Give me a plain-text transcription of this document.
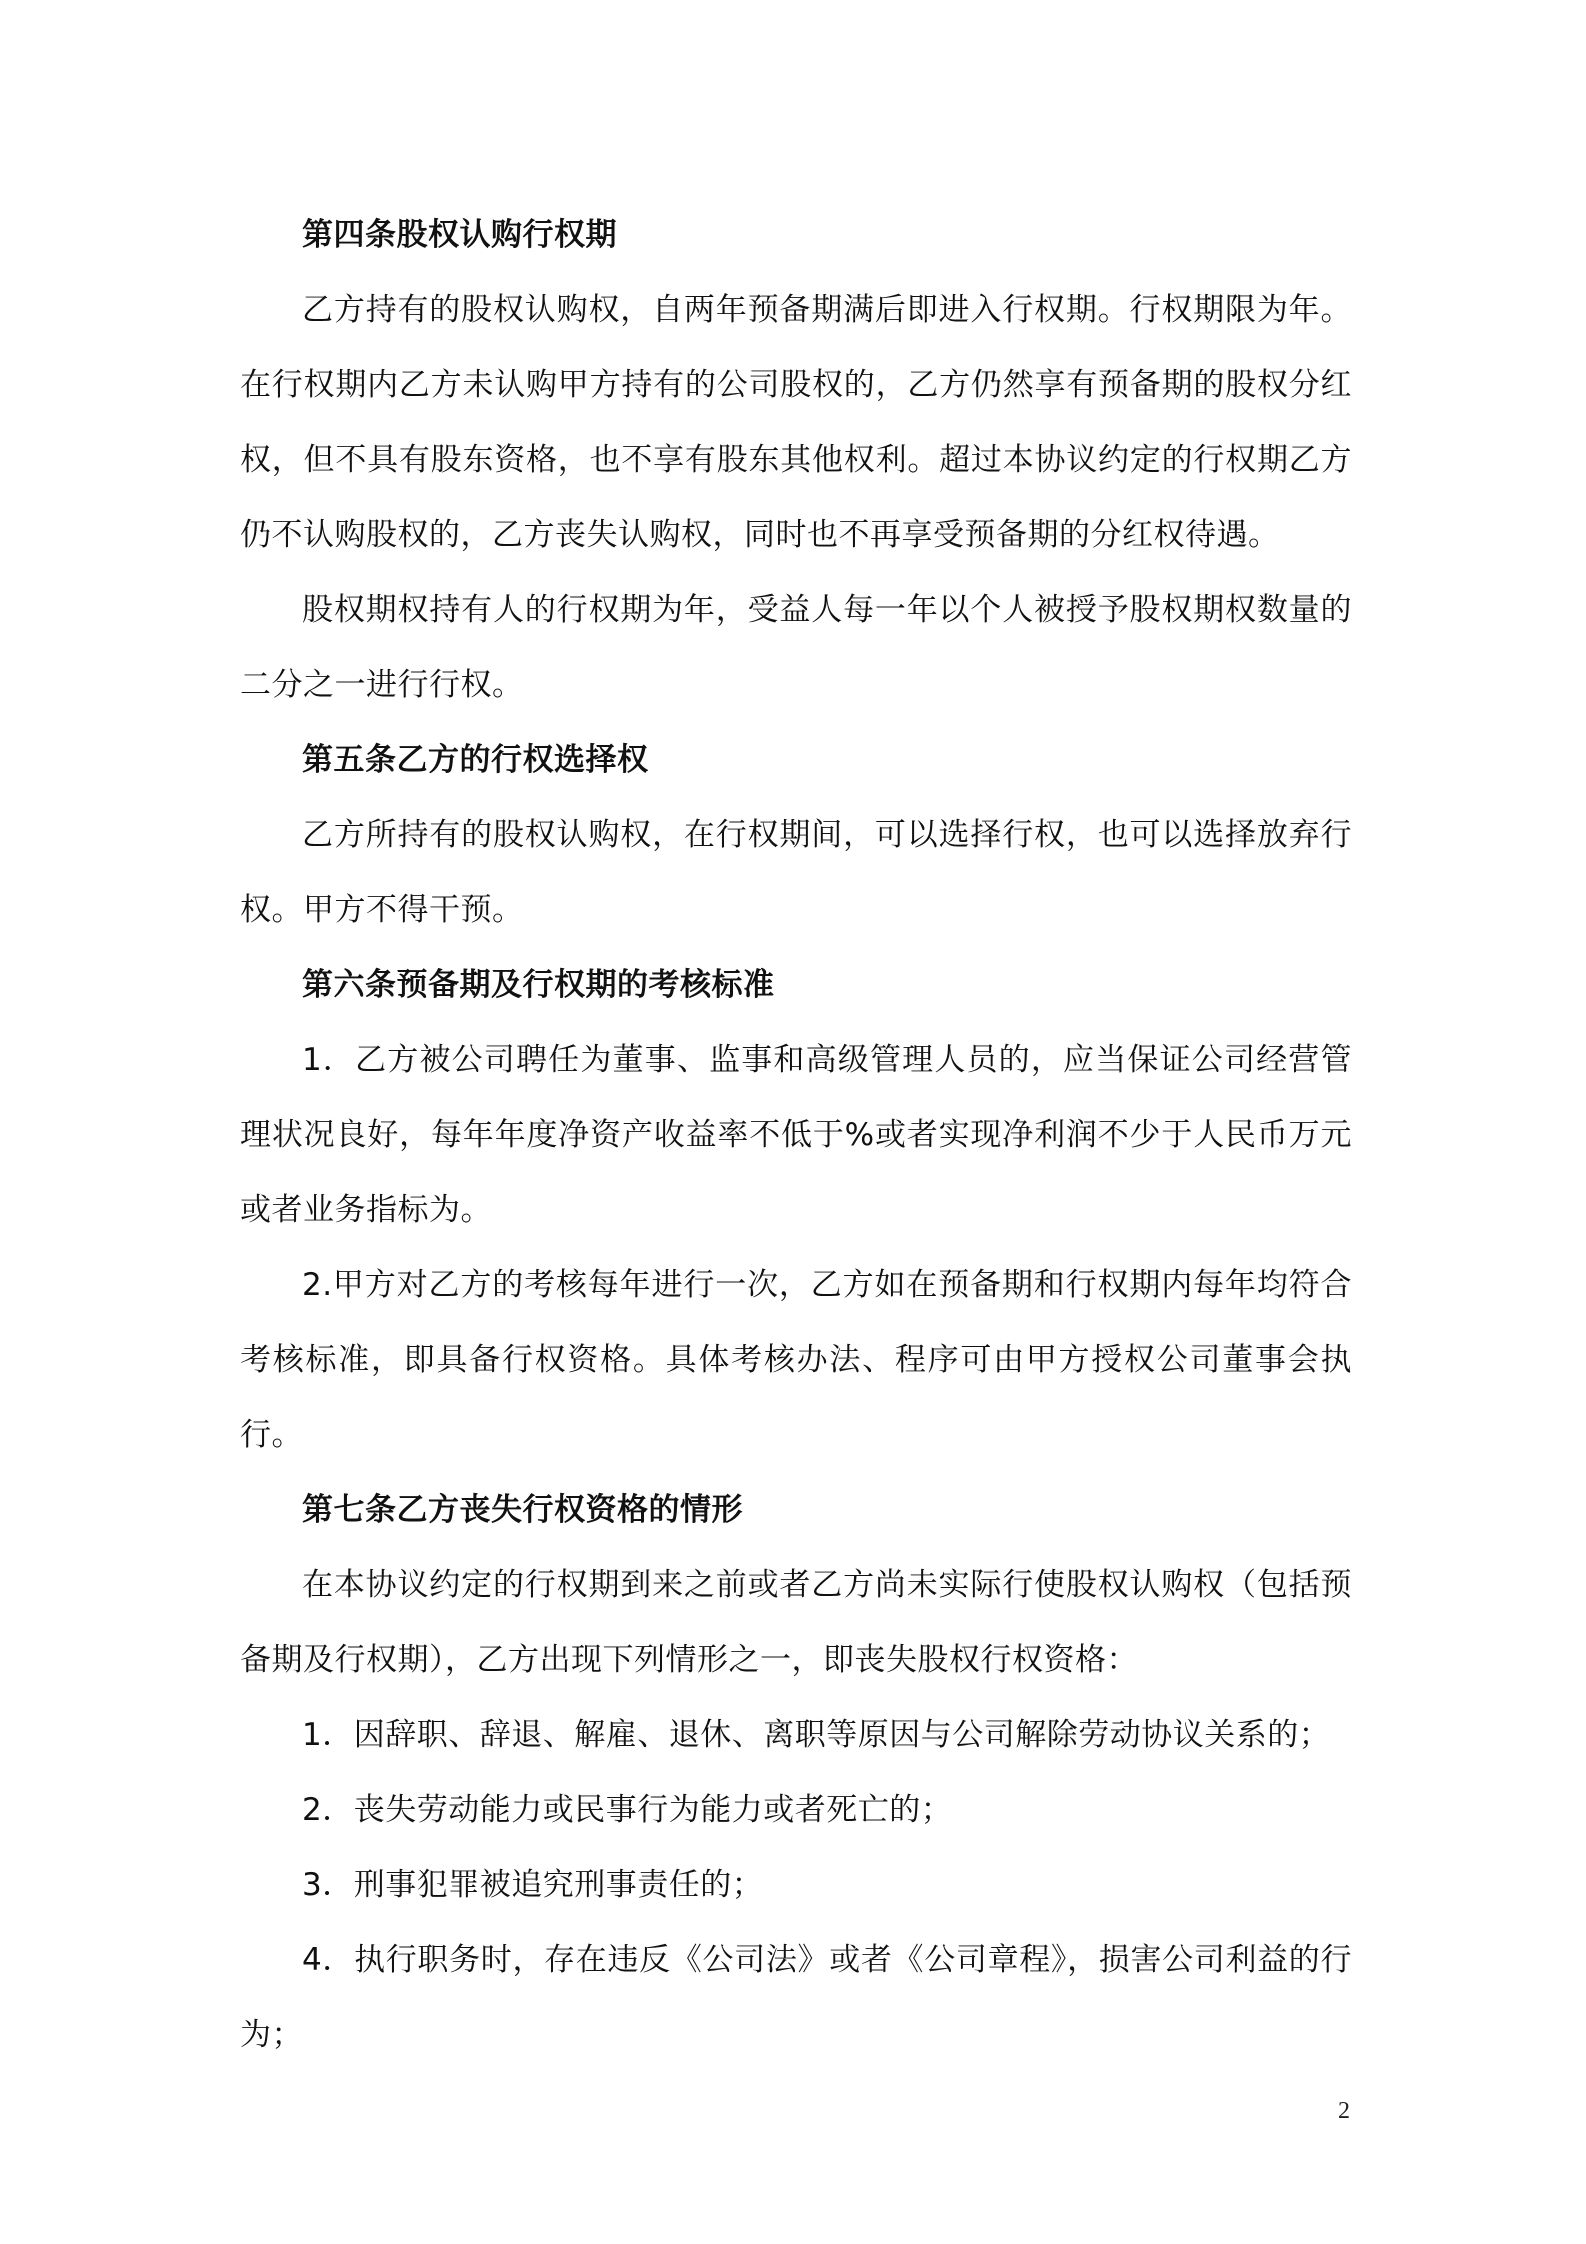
第四条股权认购行权期

乙方持有的股权认购权，自两年预备期满后即进入行权期。行权期限为年。在行权期内乙方未认购甲方持有的公司股权的，乙方仍然享有预备期的股权分红权，但不具有股东资格，也不享有股东其他权利。超过本协议约定的行权期乙方仍不认购股权的，乙方丧失认购权，同时也不再享受预备期的分红权待遇。

股权期权持有人的行权期为年，受益人每一年以个人被授予股权期权数量的二分之一进行行权。

第五条乙方的行权选择权

乙方所持有的股权认购权，在行权期间，可以选择行权，也可以选择放弃行权。甲方不得干预。

第六条预备期及行权期的考核标准

1．乙方被公司聘任为董事、监事和高级管理人员的，应当保证公司经营管理状况良好，每年年度净资产收益率不低于%或者实现净利润不少于人民币万元或者业务指标为。

2.甲方对乙方的考核每年进行一次，乙方如在预备期和行权期内每年均符合考核标准，即具备行权资格。具体考核办法、程序可由甲方授权公司董事会执行。

第七条乙方丧失行权资格的情形

在本协议约定的行权期到来之前或者乙方尚未实际行使股权认购权（包括预备期及行权期），乙方出现下列情形之一，即丧失股权行权资格：

1．因辞职、辞退、解雇、退休、离职等原因与公司解除劳动协议关系的；

2．丧失劳动能力或民事行为能力或者死亡的；

3．刑事犯罪被追究刑事责任的；

4．执行职务时，存在违反《公司法》或者《公司章程》，损害公司利益的行为；

2
